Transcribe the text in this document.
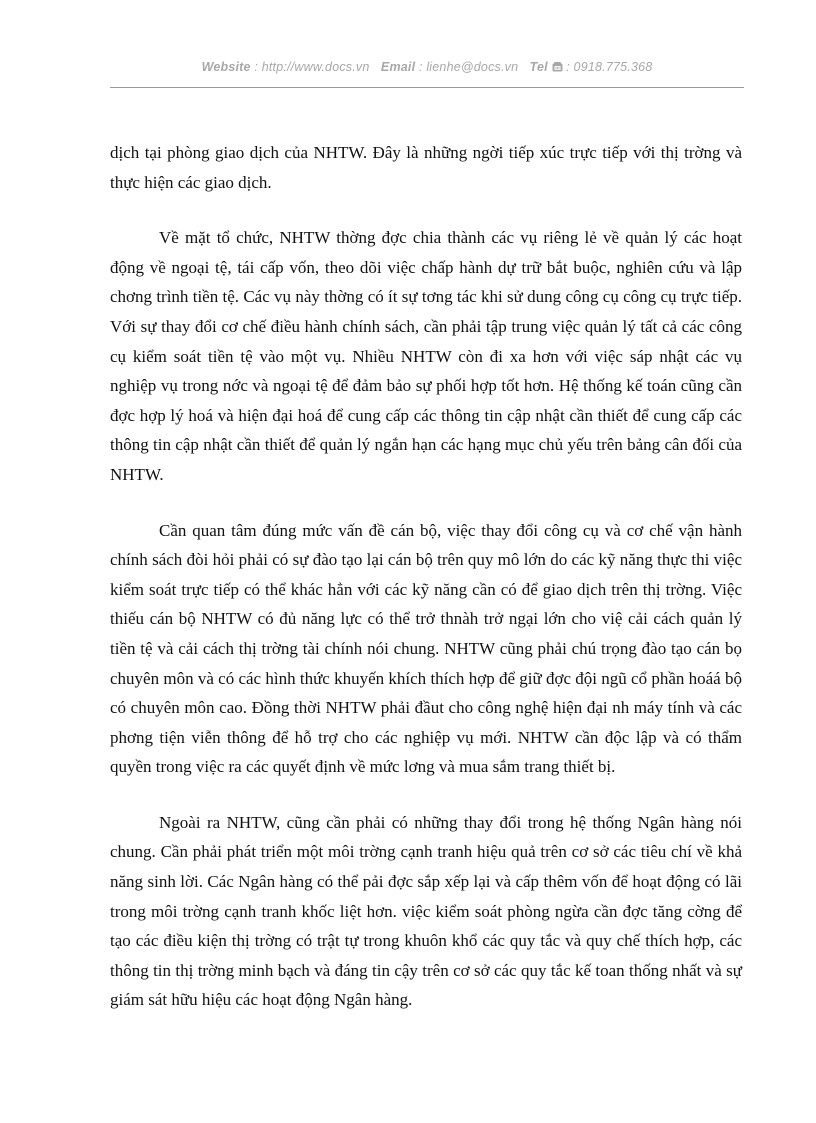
Website : http://www.docs.vn Email : lienhe@docs.vn Tel : 0918.775.368

dịch tại phòng giao dịch của NHTW. Đây là những ngời tiếp xúc trực tiếp với thị trờng và thực hiện các giao dịch.

Về mặt tổ chức, NHTW thờng đợc chia thành các vụ riêng lẻ về quản lý các hoạt động về ngoại tệ, tái cấp vốn, theo dõi việc chấp hành dự trữ bắt buộc, nghiên cứu và lập chơng trình tiền tệ. Các vụ này thờng có ít sự tơng tác khi sử dung công cụ công cụ trực tiếp. Với sự thay đổi cơ chế điều hành chính sách, cần phải tập trung việc quản lý tất cả các công cụ kiểm soát tiền tệ vào một vụ. Nhiều NHTW còn đi xa hơn với việc sáp nhật các vụ nghiệp vụ trong nớc và ngoại tệ để đảm bảo sự phối hợp tốt hơn. Hệ thống kế toán cũng cần đợc hợp lý hoá và hiện đại hoá để cung cấp các thông tin cập nhật cần thiết để cung cấp các thông tin cập nhật cần thiết để quản lý ngắn hạn các hạng mục chủ yếu trên bảng cân đối của NHTW.

Cần quan tâm đúng mức vấn đề cán bộ, việc thay đổi công cụ và cơ chế vận hành chính sách đòi hỏi phải có sự đào tạo lại cán bộ trên quy mô lớn do các kỹ năng thực thi việc kiểm soát trực tiếp có thể khác hẳn với các kỹ năng cần có để giao dịch trên thị trờng. Việc thiếu cán bộ NHTW có đủ năng lực có thể trở thnàh trở ngại lớn cho việ cải cách quản lý tiền tệ và cải cách thị trờng tài chính nói chung. NHTW cũng phải chú trọng đào tạo cán bọ chuyên môn và có các hình thức khuyến khích thích hợp để giữ đợc đội ngũ cổ phần hoáá bộ có chuyên môn cao. Đồng thời NHTW phải đầut cho công nghệ hiện đại nh máy tính và các phơng tiện viễn thông để hỗ trợ cho các nghiệp vụ mới. NHTW cần độc lập và có thẩm quyền trong việc ra các quyết định về mức lơng và mua sắm trang thiết bị.

Ngoài ra NHTW, cũng cần phải có những thay đổi trong hệ thống Ngân hàng nói chung. Cần phải phát triển một môi trờng cạnh tranh hiệu quả trên cơ sở các tiêu chí về khả năng sinh lời. Các Ngân hàng có thể pải đợc sắp xếp lại và cấp thêm vốn để hoạt động có lãi trong môi trờng cạnh tranh khốc liệt hơn. việc kiểm soát phòng ngừa cần đợc tăng cờng để tạo các điều kiện thị trờng có trật tự trong khuôn khổ các quy tắc và quy chế thích hợp, các thông tin thị trờng minh bạch và đáng tin cậy trên cơ sở các quy tắc kế toan thống nhất và sự giám sát hữu hiệu các hoạt động Ngân hàng.
